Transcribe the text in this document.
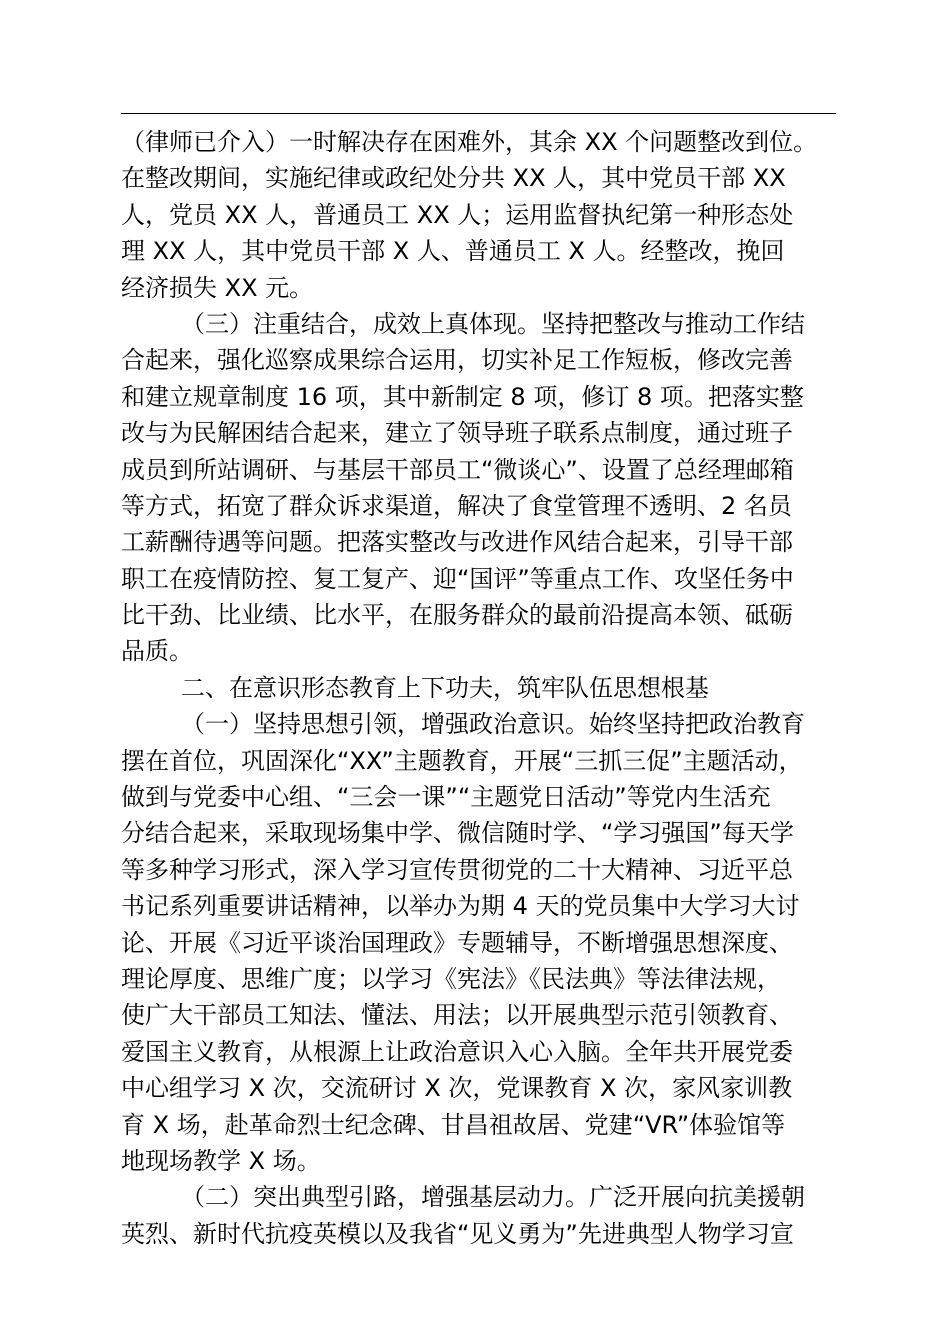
（律师已介入）一时解决存在困难外，其余 XX 个问题整改到位。
在整改期间，实施纪律或政纪处分共 XX 人，其中党员干部 XX
人，党员 XX 人，普通员工 XX 人；运用监督执纪第一种形态处
理 XX 人，其中党员干部 X 人、普通员工 X 人。经整改，挽回
经济损失 XX 元。
（三）注重结合，成效上真体现。坚持把整改与推动工作结
合起来，强化巡察成果综合运用，切实补足工作短板，修改完善
和建立规章制度 16 项，其中新制定 8 项，修订 8 项。把落实整
改与为民解困结合起来，建立了领导班子联系点制度，通过班子
成员到所站调研、与基层干部员工“微谈心”、设置了总经理邮箱
等方式，拓宽了群众诉求渠道，解决了食堂管理不透明、2 名员
工薪酬待遇等问题。把落实整改与改进作风结合起来，引导干部
职工在疫情防控、复工复产、迎“国评”等重点工作、攻坚任务中
比干劲、比业绩、比水平，在服务群众的最前沿提高本领、砥砺
品质。
二、在意识形态教育上下功夫，筑牢队伍思想根基
（一）坚持思想引领，增强政治意识。始终坚持把政治教育
摆在首位，巩固深化“XX”主题教育，开展“三抓三促”主题活动，
做到与党委中心组、“三会一课”“主题党日活动”等党内生活充
分结合起来，采取现场集中学、微信随时学、“学习强国”每天学
等多种学习形式，深入学习宣传贯彻党的二十大精神、习近平总
书记系列重要讲话精神，以举办为期 4 天的党员集中大学习大讨
论、开展《习近平谈治国理政》专题辅导，不断增强思想深度、
理论厚度、思维广度；以学习《宪法》《民法典》等法律法规，
使广大干部员工知法、懂法、用法；以开展典型示范引领教育、
爱国主义教育，从根源上让政治意识入心入脑。全年共开展党委
中心组学习 X 次，交流研讨 X 次，党课教育 X 次，家风家训教
育 X 场，赴革命烈士纪念碑、甘昌祖故居、党建“VR”体验馆等
地现场教学 X 场。
（二）突出典型引路，增强基层动力。广泛开展向抗美援朝
英烈、新时代抗疫英模以及我省“见义勇为”先进典型人物学习宣
